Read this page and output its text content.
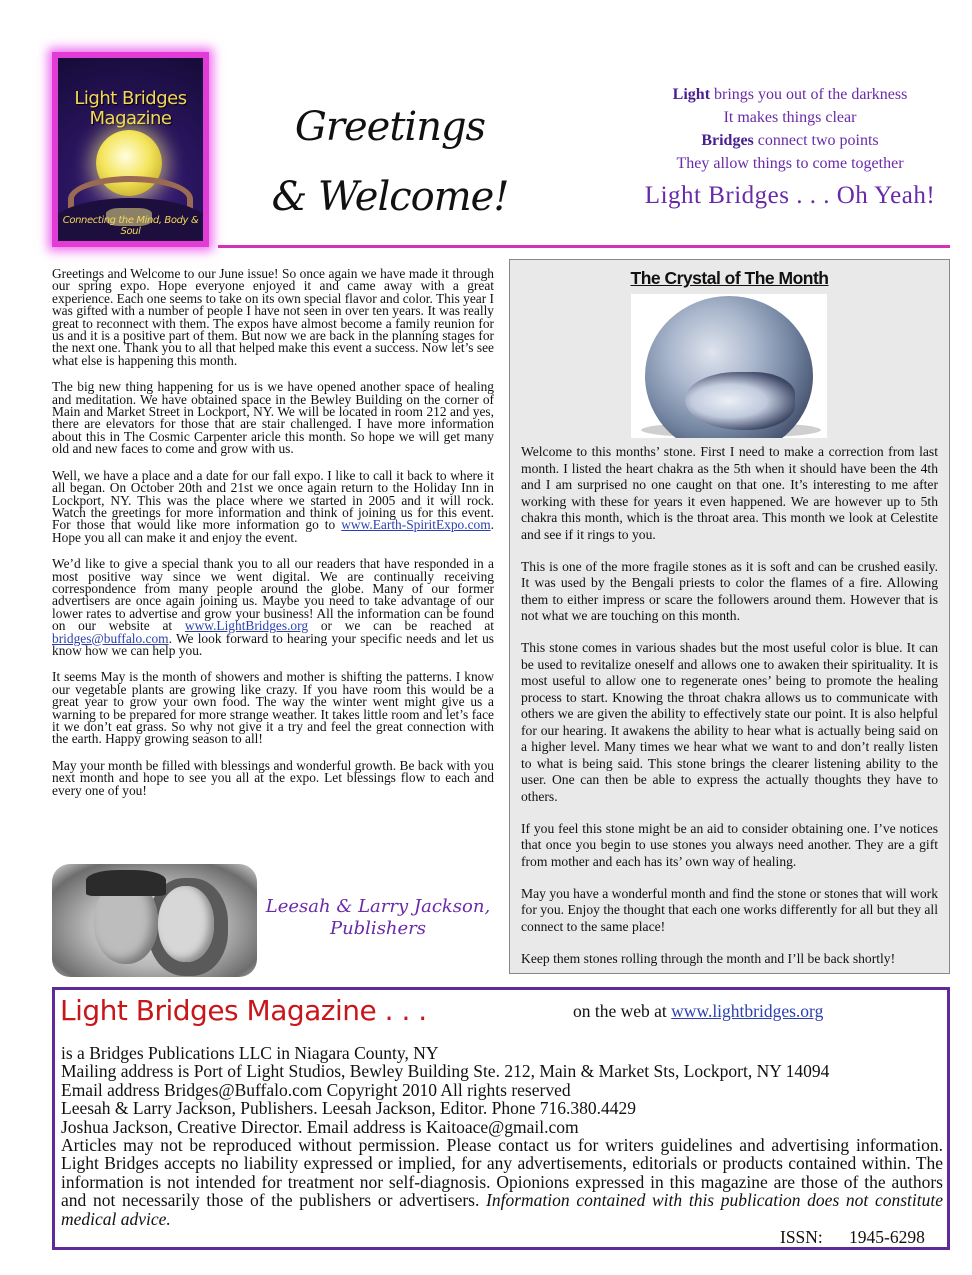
Light Bridges
Magazine
Connecting the Mind, Body & Soul
Greetings
& Welcome!
Light brings you out of the darkness
It makes things clear
Bridges connect two points
They allow things to come together
Light Bridges . . . Oh Yeah!

Greetings and Welcome to our June issue! So once again we have made it through our spring expo. Hope everyone enjoyed it and came away with a great experience. Each one seems to take on its own special flavor and color. This year I was gifted with a number of people I have not seen in over ten years. It was really great to reconnect with them. The expos have almost become a family reunion for us and it is a positive part of them. But now we are back in the planning stages for the next one. Thank you to all that helped make this event a success. Now let’s see what else is happening this month.

The big new thing happening for us is we have opened another space of healing and meditation. We have obtained space in the Bewley Building on the corner of Main and Market Street in Lockport, NY. We will be located in room 212 and yes, there are elevators for those that are stair challenged. I have more information about this in The Cosmic Carpenter aricle this month. So hope we will get many old and new faces to come and grow with us.

Well, we have a place and a date for our fall expo. I like to call it back to where it all began. On October 20th and 21st we once again return to the Holiday Inn in Lockport, NY. This was the place where we started in 2005 and it will rock. Watch the greetings for more information and think of joining us for this event. For those that would like more information go to www.Earth-SpiritExpo.com. Hope you all can make it and enjoy the event.

We’d like to give a special thank you to all our readers that have responded in a most positive way since we went digital. We are continually receiving correspondence from many people around the globe. Many of our former advertisers are once again joining us. Maybe you need to take advantage of our lower rates to advertise and grow your business! All the information can be found on our website at www.LightBridges.org or we can be reached at bridges@buffalo.com. We look forward to hearing your specific needs and let us know how we can help you.

It seems May is the month of showers and mother is shifting the patterns. I know our vegetable plants are growing like crazy. If you have room this would be a great year to grow your own food. The way the winter went might give us a warning to be prepared for more strange weather. It takes little room and let’s face it we don’t eat grass. So why not give it a try and feel the great connection with the earth. Happy growing season to all!

May your month be filled with blessings and wonderful growth. Be back with you next month and hope to see you all at the expo. Let blessings flow to each and every one of you!

Leesah & Larry Jackson,
Publishers
The Crystal of The Month

Welcome to this months’ stone. First I need to make a correction from last month. I listed the heart chakra as the 5th when it should have been the 4th and I am surprised no one caught on that one. It’s interesting to me after working with these for years it even happened. We are however up to 5th chakra this month, which is the throat area. This month we look at Celestite and see if it rings to you.

This is one of the more fragile stones as it is soft and can be crushed easily. It was used by the Bengali priests to color the flames of a fire. Allowing them to either impress or scare the followers around them. However that is not what we are touching on this month.

This stone comes in various shades but the most useful color is blue. It can be used to revitalize oneself and allows one to awaken their spirituality. It is most useful to allow one to regenerate ones’ being to promote the healing process to start. Knowing the throat chakra allows us to communicate with others we are given the ability to effectively state our point. It is also helpful for our hearing. It awakens the ability to hear what is actually being said on a higher level. Many times we hear what we want to and don’t really listen to what is being said. This stone brings the clearer listening ability to the user. One can then be able to express the actually thoughts they have to others.

If you feel this stone might be an aid to consider obtaining one. I’ve notices that once you begin to use stones you always need another. They are a gift from mother and each has its’ own way of healing.

May you have a wonderful month and find the stone or stones that will work for you. Enjoy the thought that each one works differently for all but they all connect to the same place!

Keep them stones rolling through the month and I’ll be back shortly!

Light Bridges Magazine . . .	on the web at www.lightbridges.org
is a Bridges Publications LLC in Niagara County, NY
Mailing address is Port of Light Studios, Bewley Building Ste. 212, Main & Market Sts, Lockport, NY 14094
Email address Bridges@Buffalo.com Copyright 2010 All rights reserved
Leesah & Larry Jackson, Publishers. Leesah Jackson, Editor. Phone 716.380.4429
Joshua Jackson, Creative Director. Email address is Kaitoace@gmail.com
Articles may not be reproduced without permission. Please contact us for writers guidelines and advertising information. Light Bridges accepts no liability expressed or implied, for any advertisements, editorials or products contained within. The information is not intended for treatment nor self-diagnosis. Opionions expressed in this magazine are those of the authors and not necessarily those of the publishers or advertisers. Information contained with this publication does not constitute medical advice.
ISSN: 1945-6298
